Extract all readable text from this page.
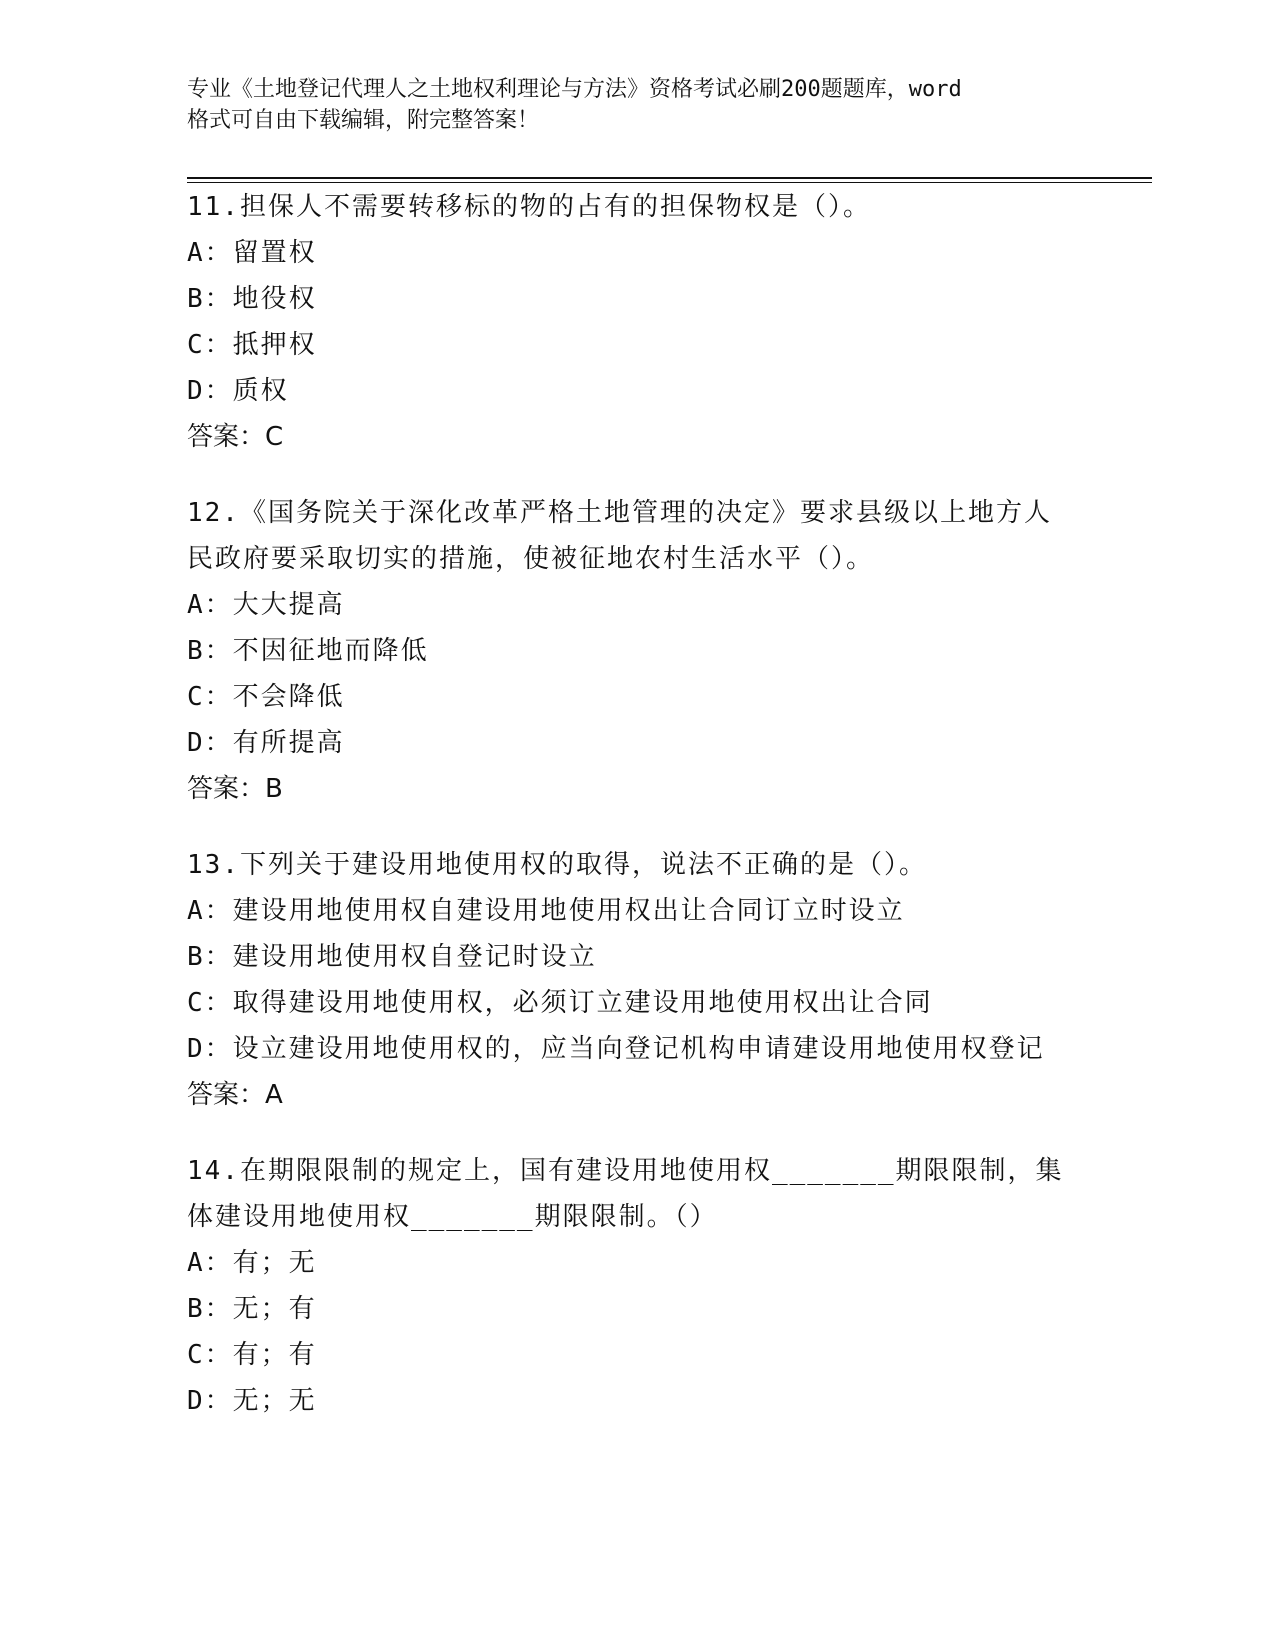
专业《土地登记代理人之土地权利理论与方法》资格考试必刷200题题库，word
格式可自由下载编辑，附完整答案！
11.担保人不需要转移标的物的占有的担保物权是（）。
A：留置权
B：地役权
C：抵押权
D：质权
答案：C
12.《国务院关于深化改革严格土地管理的决定》要求县级以上地方人
民政府要采取切实的措施，使被征地农村生活水平（）。
A：大大提高
B：不因征地而降低
C：不会降低
D：有所提高
答案：B
13.下列关于建设用地使用权的取得，说法不正确的是（）。
A：建设用地使用权自建设用地使用权出让合同订立时设立
B：建设用地使用权自登记时设立
C：取得建设用地使用权，必须订立建设用地使用权出让合同
D：设立建设用地使用权的，应当向登记机构申请建设用地使用权登记
答案：A
14.在期限限制的规定上，国有建设用地使用权_______期限限制，集
体建设用地使用权_______期限限制。（）
A：有；无
B：无；有
C：有；有
D：无；无
